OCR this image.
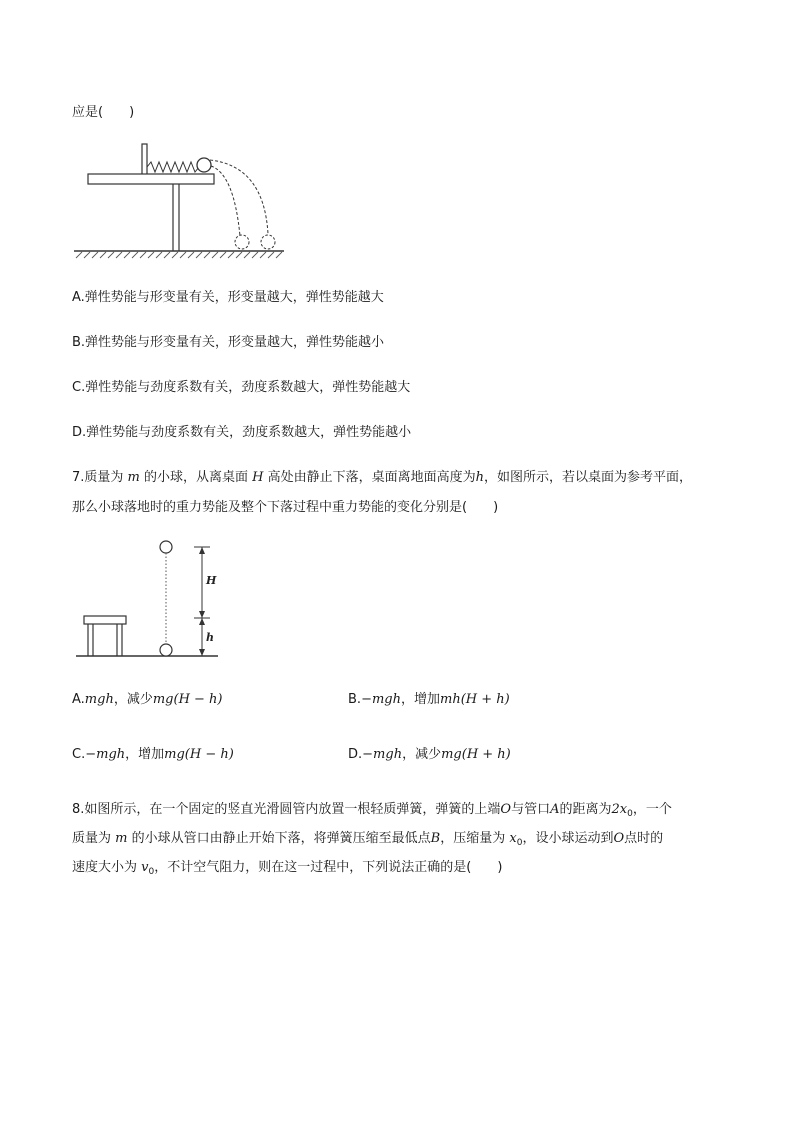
应是(　　)
A.弹性势能与形变量有关，形变量越大，弹性势能越大
B.弹性势能与形变量有关，形变量越大，弹性势能越小
C.弹性势能与劲度系数有关，劲度系数越大，弹性势能越大
D.弹性势能与劲度系数有关，劲度系数越大，弹性势能越小
7.质量为 m 的小球，从离桌面 H 高处由静止下落，桌面离地面高度为h，如图所示，若以桌面为参考平面，
那么小球落地时的重力势能及整个下落过程中重力势能的变化分别是(　　)
H
h
A.mgh，减少mg(H − h)	B.−mgh，增加mh(H + h)
C.−mgh，增加mg(H − h)	D.−mgh，减少mg(H + h)
8.如图所示，在一个固定的竖直光滑圆管内放置一根轻质弹簧，弹簧的上端O与管口A的距离为$2x_0$，一个
质量为 m 的小球从管口由静止开始下落，将弹簧压缩至最低点B，压缩量为 $x_0$，设小球运动到O点时的
速度大小为 $v_0$，不计空气阻力，则在这一过程中，下列说法正确的是(　　)
